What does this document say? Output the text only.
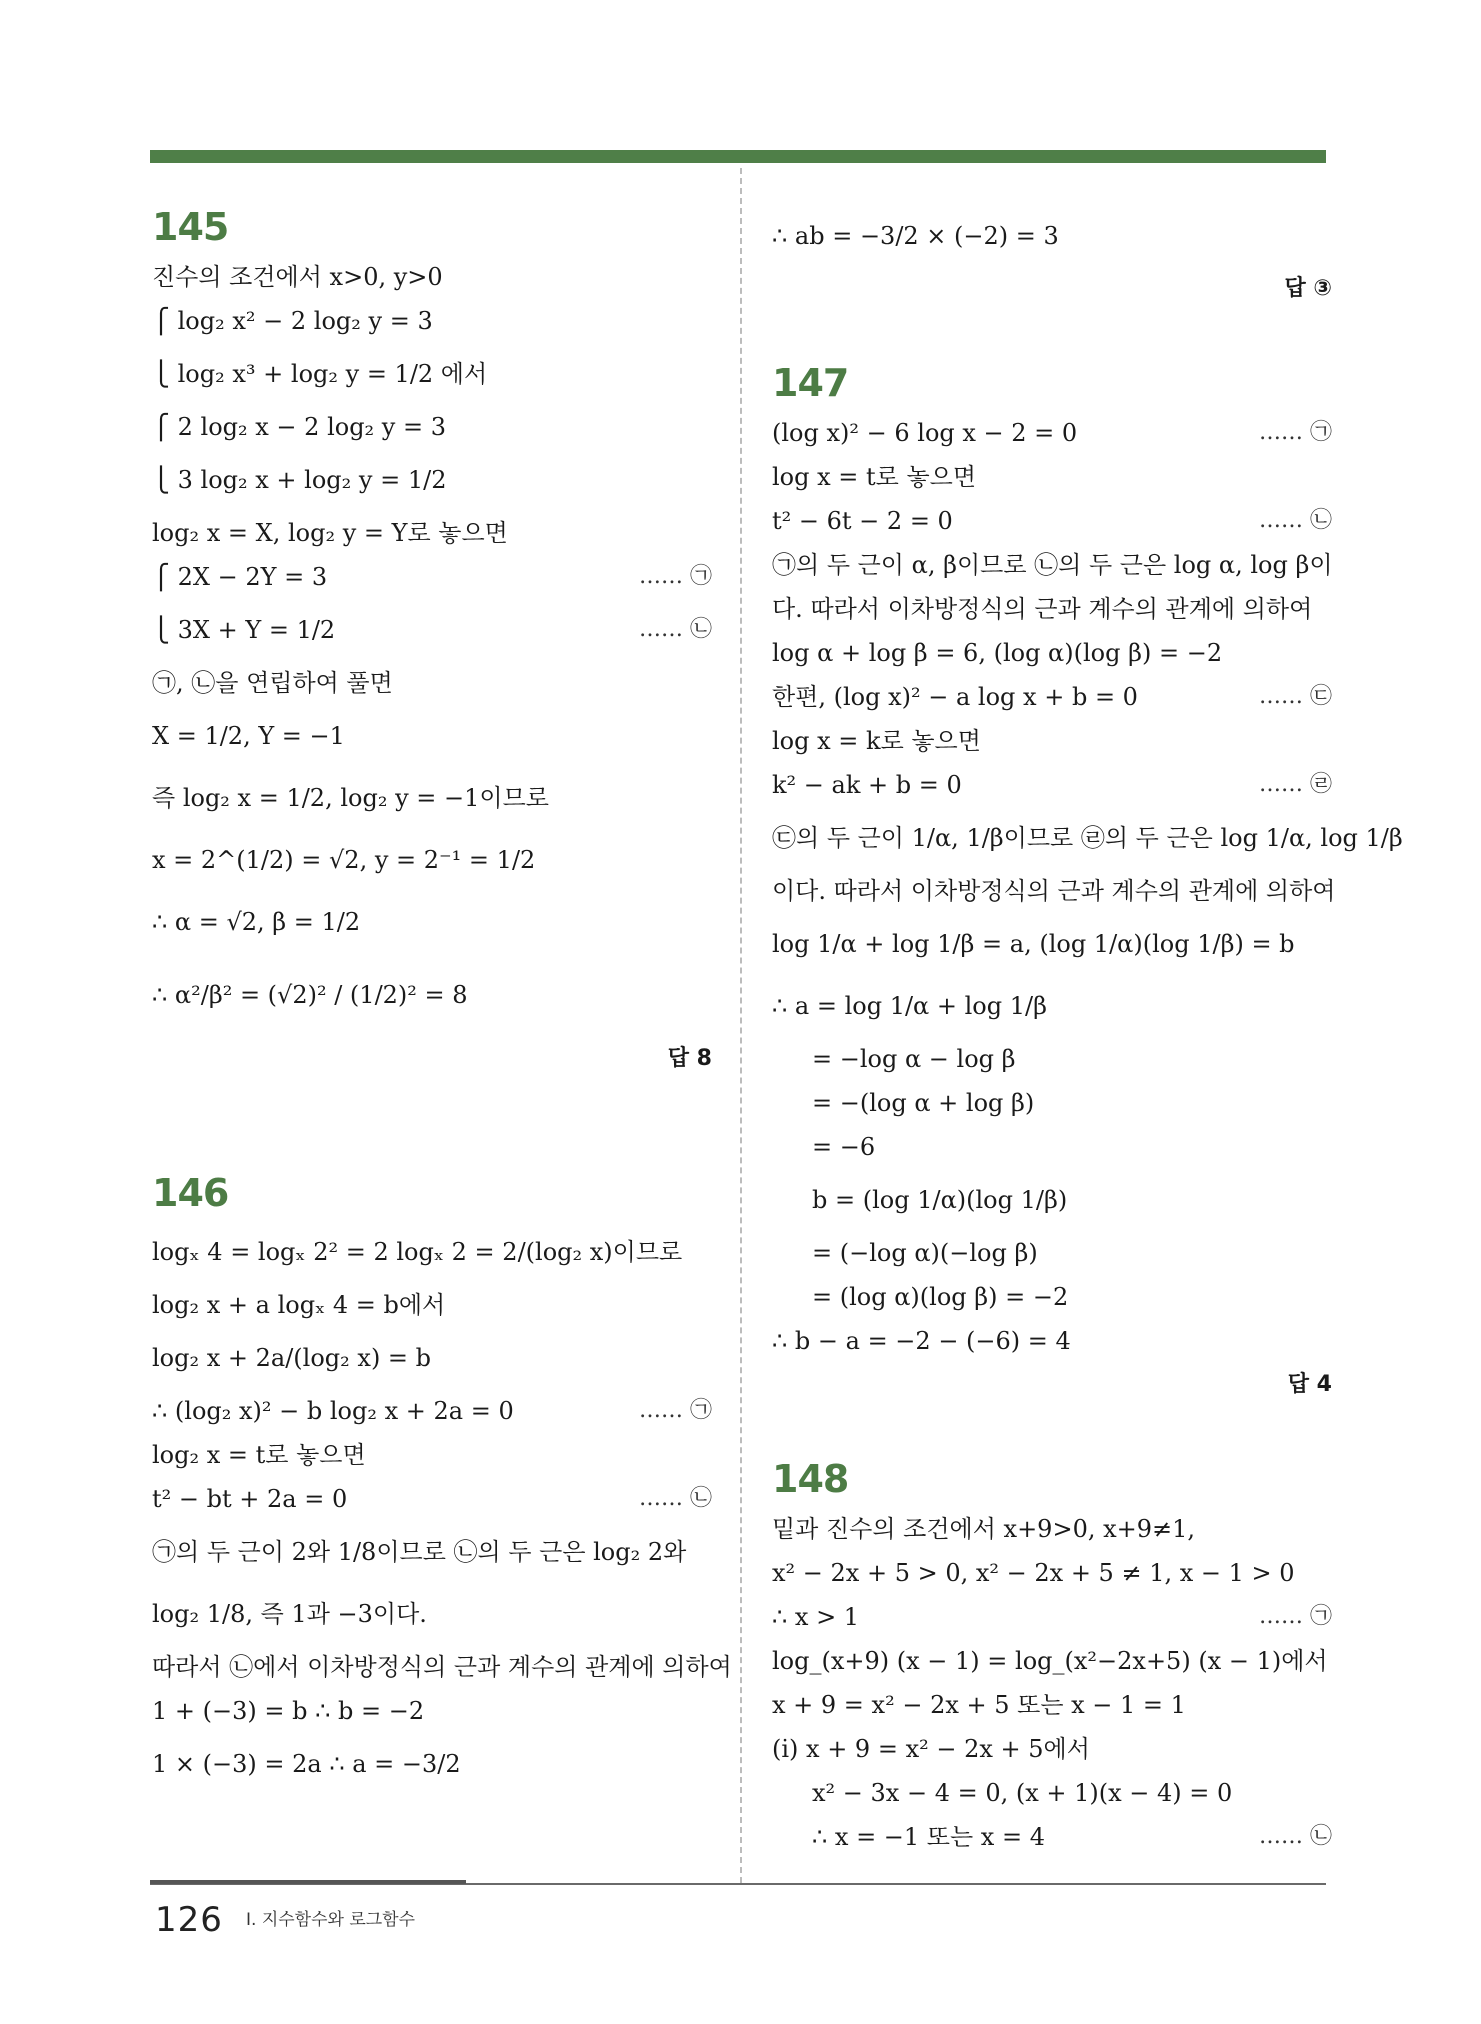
145
진수의 조건에서 x>0, y>0
⎧ log₂ x² − 2 log₂ y = 3
⎩ log₂ x³ + log₂ y = 1/2 에서
⎧ 2 log₂ x − 2 log₂ y = 3
⎩ 3 log₂ x + log₂ y = 1/2
log₂ x = X, log₂ y = Y로 놓으면
⎧ 2X − 2Y = 3	…… ㉠
⎩ 3X + Y = 1/2	…… ㉡
㉠, ㉡을 연립하여 풀면
X = 1/2, Y = −1
즉 log₂ x = 1/2, log₂ y = −1이므로
x = 2^(1/2) = √2, y = 2⁻¹ = 1/2
∴ α = √2, β = 1/2
∴ α²/β² = (√2)² / (1/2)² = 8
답 8
146
logₓ 4 = logₓ 2² = 2 logₓ 2 = 2/(log₂ x)이므로
log₂ x + a logₓ 4 = b에서
log₂ x + 2a/(log₂ x) = b
∴ (log₂ x)² − b log₂ x + 2a = 0	…… ㉠
log₂ x = t로 놓으면
t² − bt + 2a = 0	…… ㉡
㉠의 두 근이 2와 1/8이므로 ㉡의 두 근은 log₂ 2와
log₂ 1/8, 즉 1과 −3이다.
따라서 ㉡에서 이차방정식의 근과 계수의 관계에 의하여
1 + (−3) = b ∴ b = −2
1 × (−3) = 2a ∴ a = −3/2
∴ ab = −3/2 × (−2) = 3
답 ③
147
(log x)² − 6 log x − 2 = 0	…… ㉠
log x = t로 놓으면
t² − 6t − 2 = 0	…… ㉡
㉠의 두 근이 α, β이므로 ㉡의 두 근은 log α, log β이
다. 따라서 이차방정식의 근과 계수의 관계에 의하여
log α + log β = 6, (log α)(log β) = −2
한편, (log x)² − a log x + b = 0	…… ㉢
log x = k로 놓으면
k² − ak + b = 0	…… ㉣
㉢의 두 근이 1/α, 1/β이므로 ㉣의 두 근은 log 1/α, log 1/β
이다. 따라서 이차방정식의 근과 계수의 관계에 의하여
log 1/α + log 1/β = a, (log 1/α)(log 1/β) = b
∴ a = log 1/α + log 1/β
= −log α − log β
= −(log α + log β)
= −6
b = (log 1/α)(log 1/β)
= (−log α)(−log β)
= (log α)(log β) = −2
∴ b − a = −2 − (−6) = 4
답 4
148
밑과 진수의 조건에서 x+9>0, x+9≠1,
x² − 2x + 5 > 0, x² − 2x + 5 ≠ 1, x − 1 > 0
∴ x > 1	…… ㉠
log_(x+9) (x − 1) = log_(x²−2x+5) (x − 1)에서
x + 9 = x² − 2x + 5 또는 x − 1 = 1
(ⅰ) x + 9 = x² − 2x + 5에서
x² − 3x − 4 = 0, (x + 1)(x − 4) = 0
∴ x = −1 또는 x = 4	…… ㉡
126 Ⅰ. 지수함수와 로그함수
